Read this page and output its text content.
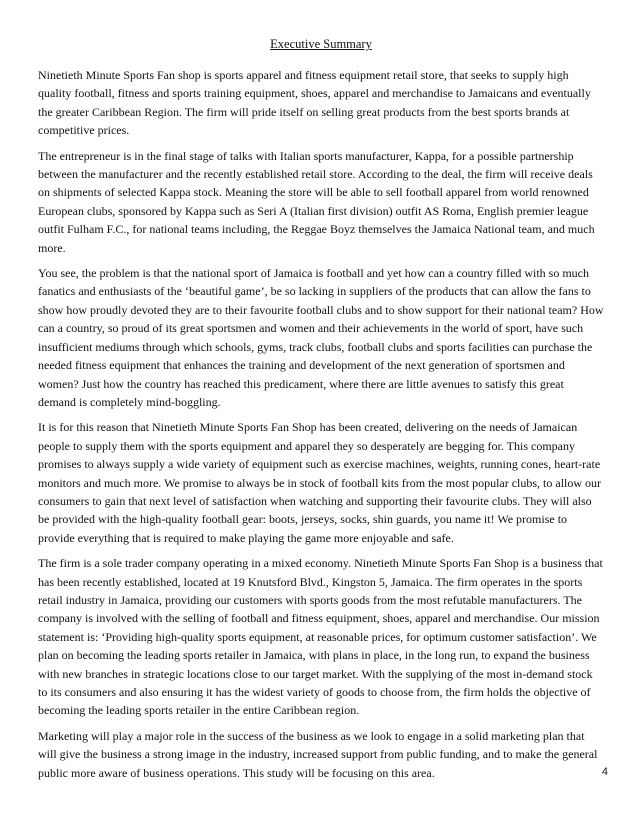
Executive Summary

Ninetieth Minute Sports Fan shop is sports apparel and fitness equipment retail store, that seeks to supply high quality football, fitness and sports training equipment, shoes, apparel and merchandise to Jamaicans and eventually the greater Caribbean Region. The firm will pride itself on selling great products from the best sports brands at competitive prices.

The entrepreneur is in the final stage of talks with Italian sports manufacturer, Kappa, for a possible partnership between the manufacturer and the recently established retail store. According to the deal, the firm will receive deals on shipments of selected Kappa stock. Meaning the store will be able to sell football apparel from world renowned European clubs, sponsored by Kappa such as Seri A (Italian first division) outfit AS Roma, English premier league outfit Fulham F.C., for national teams including, the Reggae Boyz themselves the Jamaica National team, and much more.

You see, the problem is that the national sport of Jamaica is football and yet how can a country filled with so much fanatics and enthusiasts of the ‘beautiful game’, be so lacking in suppliers of the products that can allow the fans to show how proudly devoted they are to their favourite football clubs and to show support for their national team? How can a country, so proud of its great sportsmen and women and their achievements in the world of sport, have such insufficient mediums through which schools, gyms, track clubs, football clubs and sports facilities can purchase the needed fitness equipment that enhances the training and development of the next generation of sportsmen and women? Just how the country has reached this predicament, where there are little avenues to satisfy this great demand is completely mind-boggling.

It is for this reason that Ninetieth Minute Sports Fan Shop has been created, delivering on the needs of Jamaican people to supply them with the sports equipment and apparel they so desperately are begging for. This company promises to always supply a wide variety of equipment such as exercise machines, weights, running cones, heart-rate monitors and much more. We promise to always be in stock of football kits from the most popular clubs, to allow our consumers to gain that next level of satisfaction when watching and supporting their favourite clubs. They will also be provided with the high-quality football gear: boots, jerseys, socks, shin guards, you name it! We promise to provide everything that is required to make playing the game more enjoyable and safe.

The firm is a sole trader company operating in a mixed economy. Ninetieth Minute Sports Fan Shop is a business that has been recently established, located at 19 Knutsford Blvd., Kingston 5, Jamaica. The firm operates in the sports retail industry in Jamaica, providing our customers with sports goods from the most refutable manufacturers. The company is involved with the selling of football and fitness equipment, shoes, apparel and merchandise. Our mission statement is: ‘Providing high-quality sports equipment, at reasonable prices, for optimum customer satisfaction’. We plan on becoming the leading sports retailer in Jamaica, with plans in place, in the long run, to expand the business with new branches in strategic locations close to our target market. With the supplying of the most in-demand stock to its consumers and also ensuring it has the widest variety of goods to choose from, the firm holds the objective of becoming the leading sports retailer in the entire Caribbean region.

Marketing will play a major role in the success of the business as we look to engage in a solid marketing plan that will give the business a strong image in the industry, increased support from public funding, and to make the general public more aware of business operations. This study will be focusing on this area.	4
